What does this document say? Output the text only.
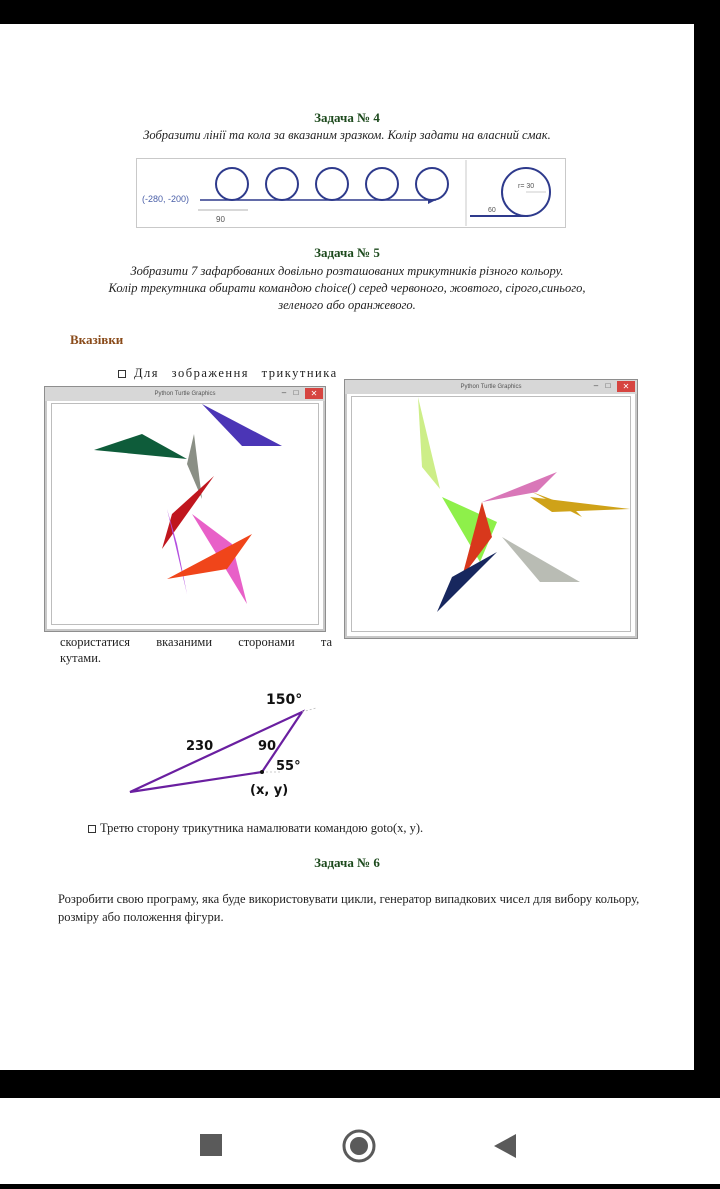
Задача № 4
Зобразити лінії та кола за вказаним зразком. Колір задати на власний смак.
(-280, -200)
90
r= 30
60
Задача № 5
Зобразити 7 зафарбованих довільно розташованих трикутників різного кольору.
Колір трекутника обирати командою choice() серед червоного, жовтого, сірого,синього,
зеленого або оранжевого.
Вказівки
Для зображення трикутника
Python Turtle Graphics	– □	✕
Python Turtle Graphics	– □	✕
скористатися вказаними сторонами та кутами.
150°
230	90
55°
(x, y)
Третю сторону трикутника намалювати командою goto(x, y).
Задача № 6
Розробити свою програму, яка буде використовувати цикли, генератор випадкових чисел для вибору кольору, розміру або положення фігури.
